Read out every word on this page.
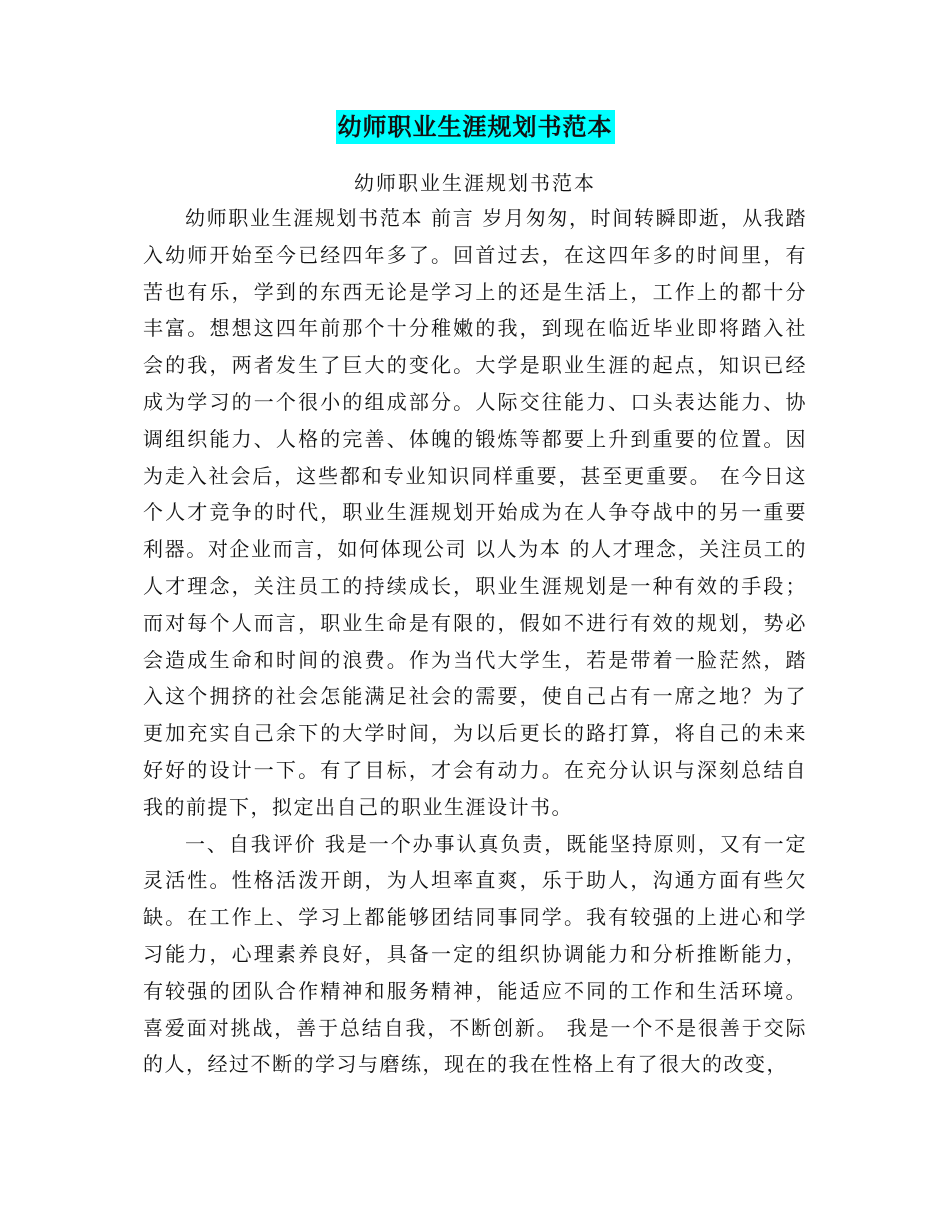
幼师职业生涯规划书范本
幼师职业生涯规划书范本

幼师职业生涯规划书范本 前言 岁月匆匆，时间转瞬即逝，从我踏入幼师开始至今已经四年多了。回首过去，在这四年多的时间里，有苦也有乐，学到的东西无论是学习上的还是生活上，工作上的都十分丰富。想想这四年前那个十分稚嫩的我，到现在临近毕业即将踏入社会的我，两者发生了巨大的变化。大学是职业生涯的起点，知识已经成为学习的一个很小的组成部分。人际交往能力、口头表达能力、协调组织能力、人格的完善、体魄的锻炼等都要上升到重要的位置。因为走入社会后，这些都和专业知识同样重要，甚至更重要。 在今日这个人才竞争的时代，职业生涯规划开始成为在人争夺战中的另一重要利器。对企业而言，如何体现公司 以人为本 的人才理念，关注员工的人才理念，关注员工的持续成长，职业生涯规划是一种有效的手段；而对每个人而言，职业生命是有限的，假如不进行有效的规划，势必会造成生命和时间的浪费。作为当代大学生，若是带着一脸茫然，踏入这个拥挤的社会怎能满足社会的需要，使自己占有一席之地？为了更加充实自己余下的大学时间，为以后更长的路打算，将自己的未来好好的设计一下。有了目标，才会有动力。在充分认识与深刻总结自我的前提下，拟定出自己的职业生涯设计书。

一、自我评价 我是一个办事认真负责，既能坚持原则，又有一定灵活性。性格活泼开朗，为人坦率直爽，乐于助人，沟通方面有些欠缺。在工作上、学习上都能够团结同事同学。我有较强的上进心和学习能力，心理素养良好，具备一定的组织协调能力和分析推断能力，有较强的团队合作精神和服务精神，能适应不同的工作和生活环境。喜爱面对挑战，善于总结自我，不断创新。 我是一个不是很善于交际的人，经过不断的学习与磨练，现在的我在性格上有了很大的改变，
